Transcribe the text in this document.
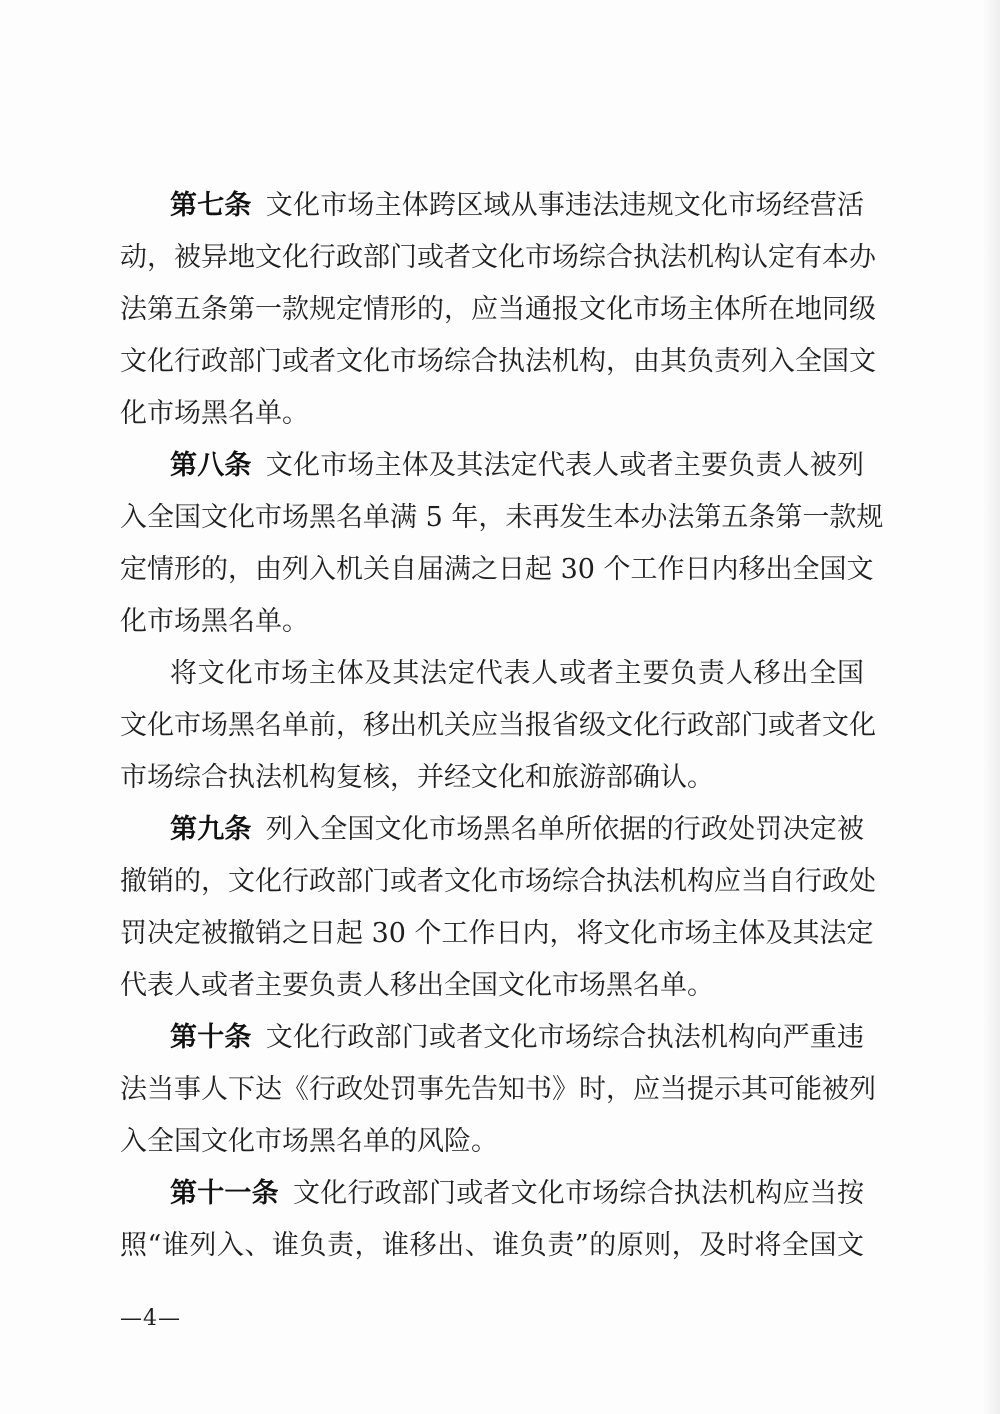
第七条 文化市场主体跨区域从事违法违规文化市场经营活
动，被异地文化行政部门或者文化市场综合执法机构认定有本办
法第五条第一款规定情形的，应当通报文化市场主体所在地同级
文化行政部门或者文化市场综合执法机构，由其负责列入全国文
化市场黑名单。
第八条 文化市场主体及其法定代表人或者主要负责人被列
入全国文化市场黑名单满 5 年，未再发生本办法第五条第一款规
定情形的，由列入机关自届满之日起 30 个工作日内移出全国文
化市场黑名单。
将文化市场主体及其法定代表人或者主要负责人移出全国
文化市场黑名单前，移出机关应当报省级文化行政部门或者文化
市场综合执法机构复核，并经文化和旅游部确认。
第九条 列入全国文化市场黑名单所依据的行政处罚决定被
撤销的，文化行政部门或者文化市场综合执法机构应当自行政处
罚决定被撤销之日起 30 个工作日内，将文化市场主体及其法定
代表人或者主要负责人移出全国文化市场黑名单。
第十条 文化行政部门或者文化市场综合执法机构向严重违
法当事人下达《行政处罚事先告知书》时，应当提示其可能被列
入全国文化市场黑名单的风险。
第十一条 文化行政部门或者文化市场综合执法机构应当按
照“谁列入、谁负责，谁移出、谁负责”的原则，及时将全国文
—4—
